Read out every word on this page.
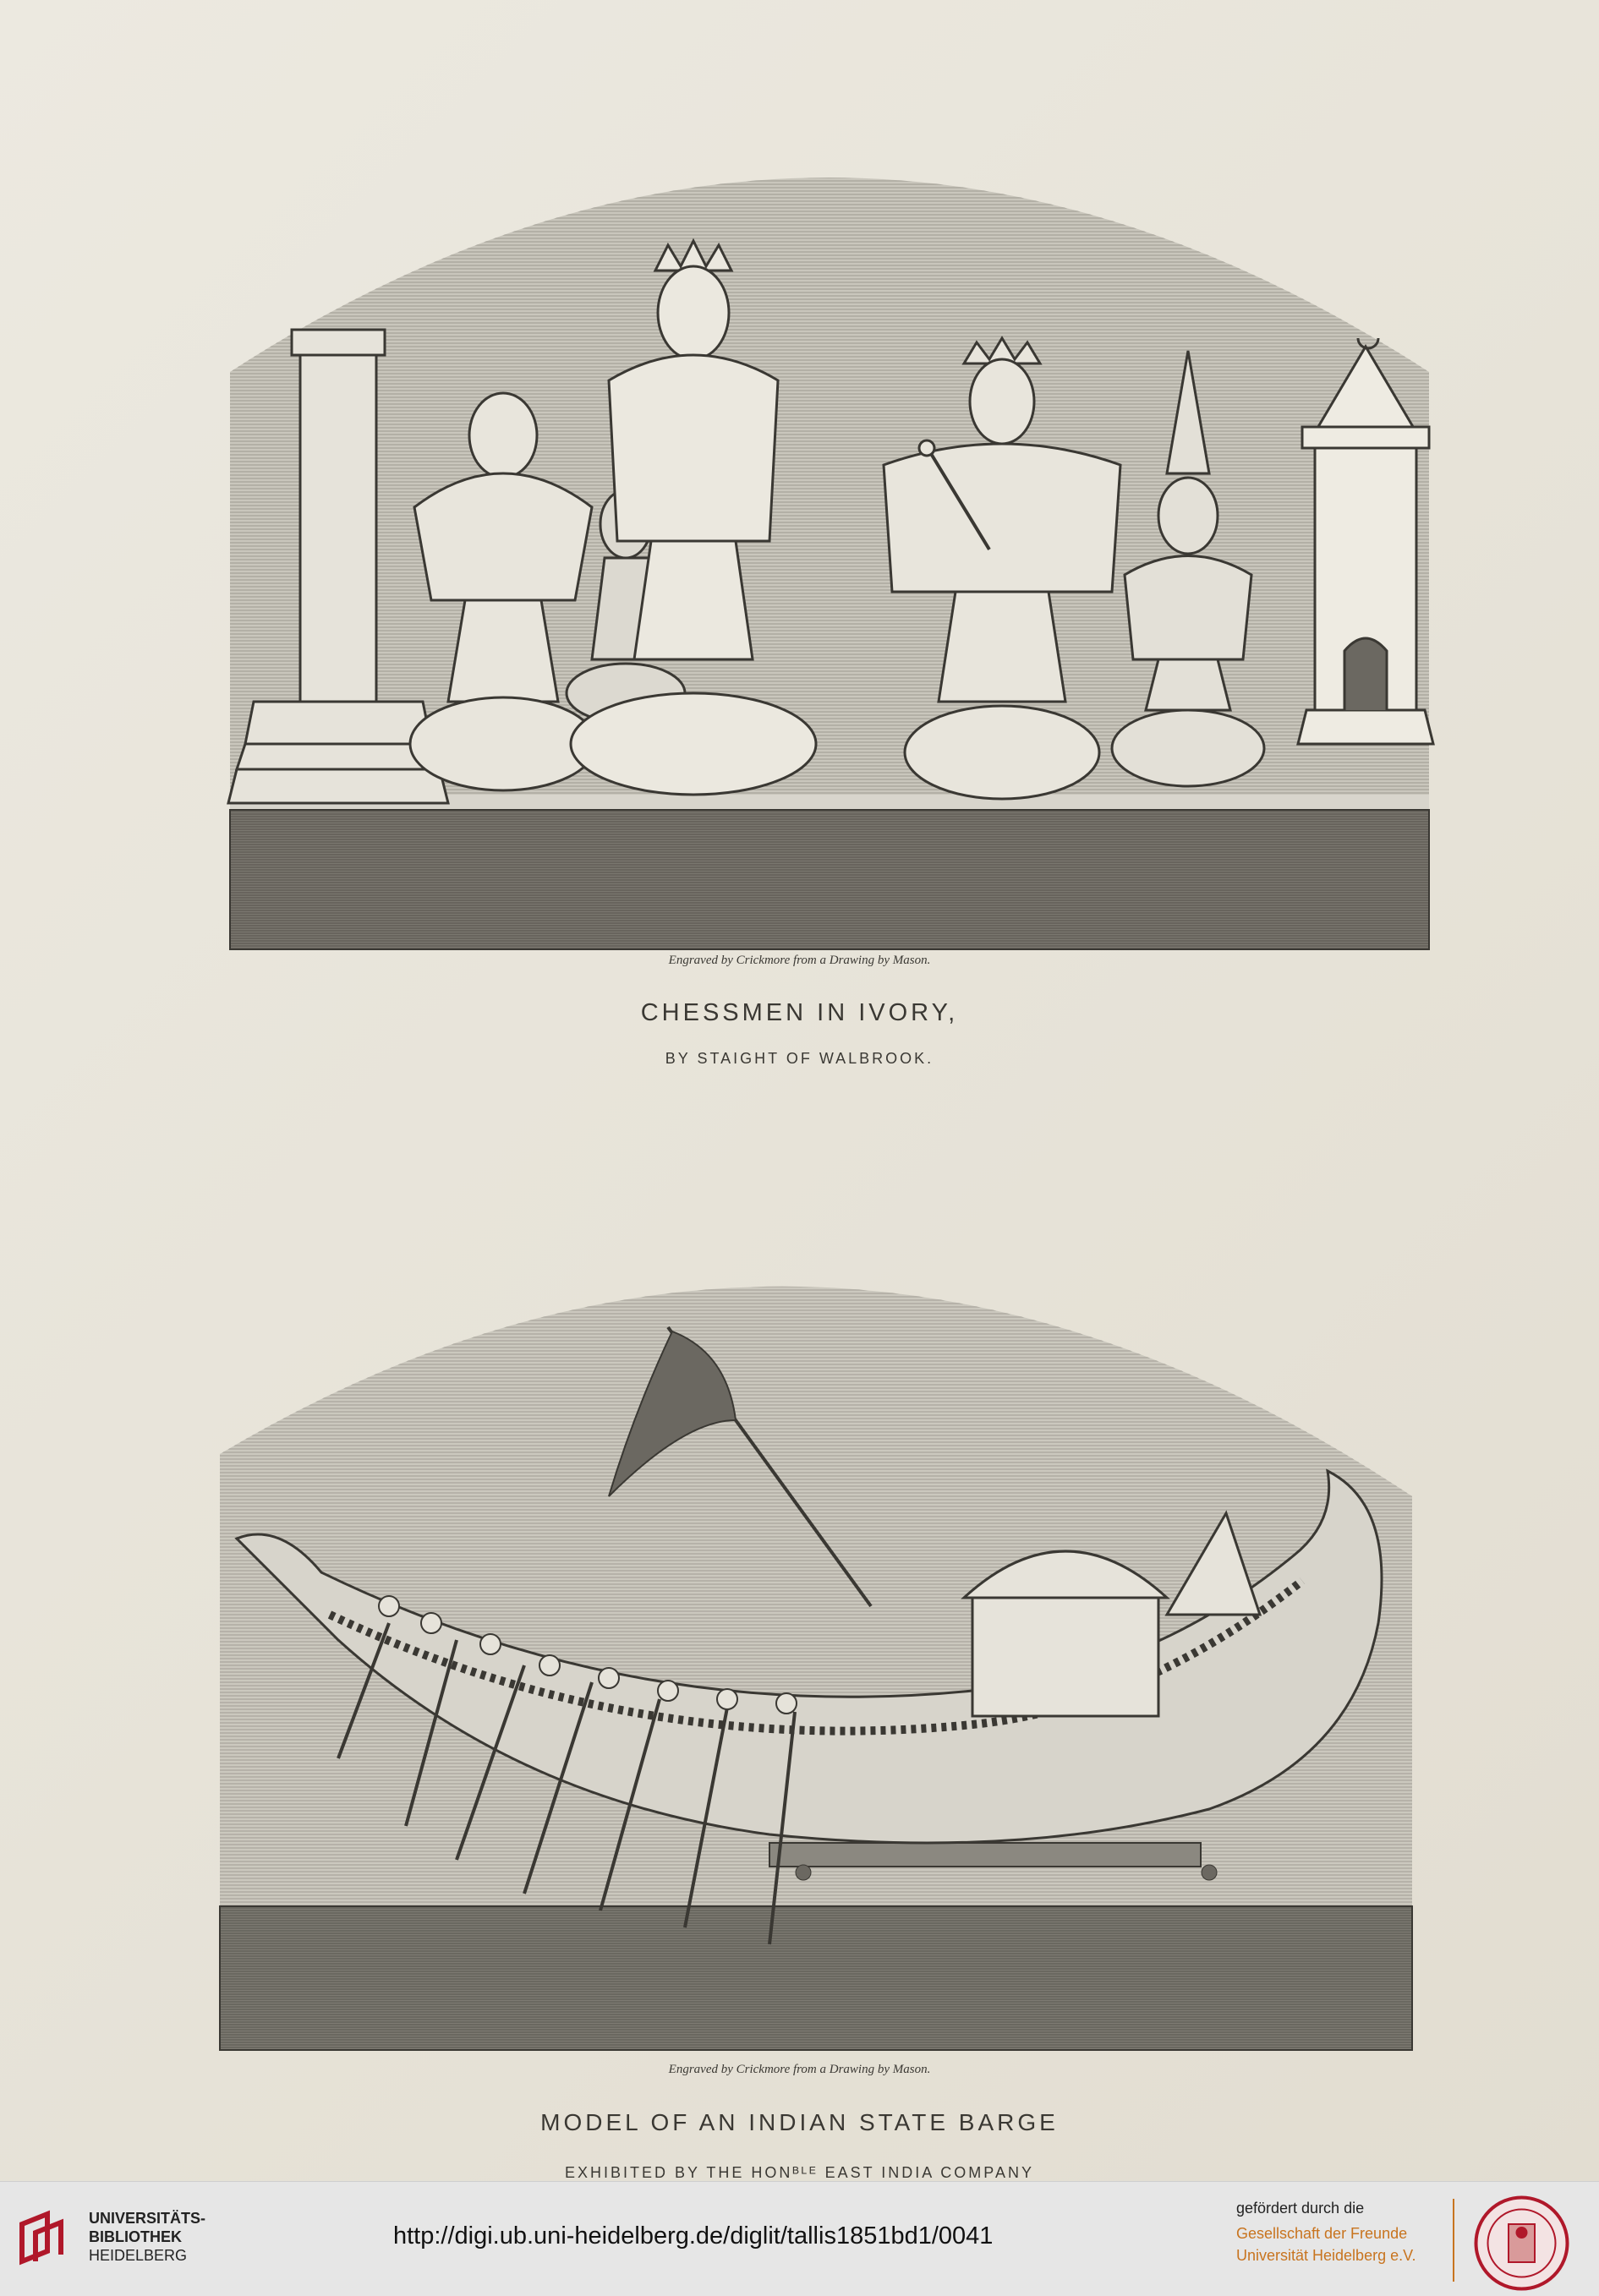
Engraved by Crickmore from a Drawing by Mason.
CHESSMEN IN IVORY,
BY STAIGHT OF WALBROOK.
Engraved by Crickmore from a Drawing by Mason.
MODEL OF AN INDIAN STATE BARGE
EXHIBITED BY THE HONᴮᴸᴱ EAST INDIA COMPANY
UNIVERSITÄTS-
BIBLIOTHEK
HEIDELBERG
http://digi.ub.uni-heidelberg.de/diglit/tallis1851bd1/0041
gefördert durch die
Gesellschaft der Freunde
Universität Heidelberg e.V.
